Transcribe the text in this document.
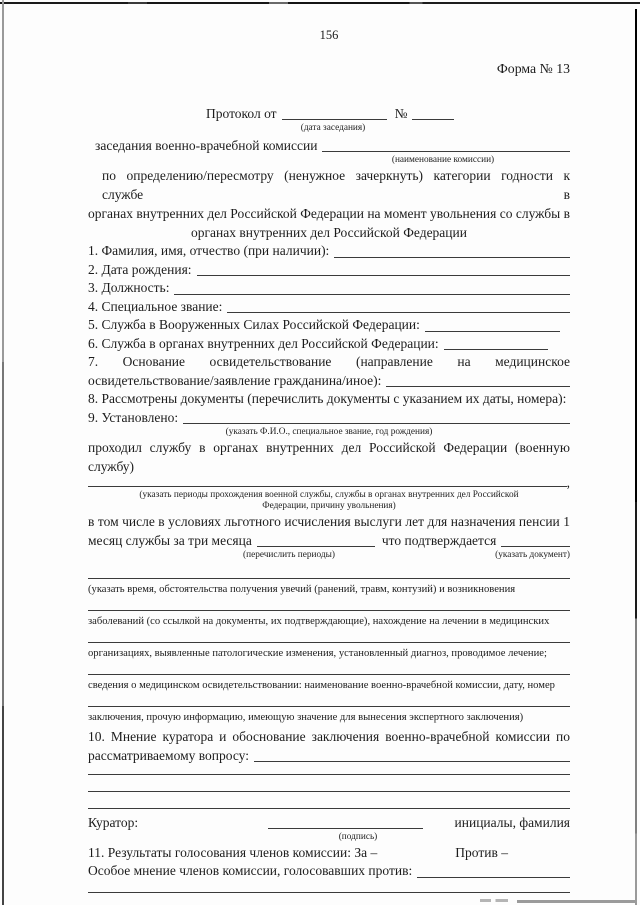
156
Форма № 13
Протокол от	№
(дата заседания)
заседания военно-врачебной комиссии
(наименование комиссии)
по определению/пересмотру (ненужное зачеркнуть) категории годности к службе в
органах внутренних дел Российской Федерации на момент увольнения со службы в
органах внутренних дел Российской Федерации
1. Фамилия, имя, отчество (при наличии):
2. Дата рождения:
3. Должность:
4. Специальное звание:
5. Служба в Вооруженных Силах Российской Федерации:
6. Служба в органах внутренних дел Российской Федерации:
7. Основание освидетельствование (направление на медицинское
освидетельствование/заявление гражданина/иное):
8. Рассмотрены документы (перечислить документы с указанием их даты, номера):
9. Установлено:
(указать Ф.И.О., специальное звание, год рождения)
проходил службу в органах внутренних дел Российской Федерации (военную службу)
,
(указать периоды прохождения военной службы, службы в органах внутренних дел Российской
Федерации, причину увольнения)
в том числе в условиях льготного исчисления выслуги лет для назначения пенсии 1
месяц службы за три месяца	что подтверждается
(перечислить периоды)	(указать документ)
(указать время, обстоятельства получения увечий (ранений, травм, контузий) и возникновения
заболеваний (со ссылкой на документы, их подтверждающие), нахождение на лечении в медицинских
организациях, выявленные патологические изменения, установленный диагноз, проводимое лечение;
сведения о медицинском освидетельствовании: наименование военно-врачебной комиссии, дату, номер
заключения, прочую информацию, имеющую значение для вынесения экспертного заключения)
10. Мнение куратора и обоснование заключения военно-врачебной комиссии по
рассматриваемому вопросу:
Куратор:	инициалы, фамилия
(подпись)
11. Результаты голосования членов комиссии: За –	Против –
Особое мнение членов комиссии, голосовавших против:
